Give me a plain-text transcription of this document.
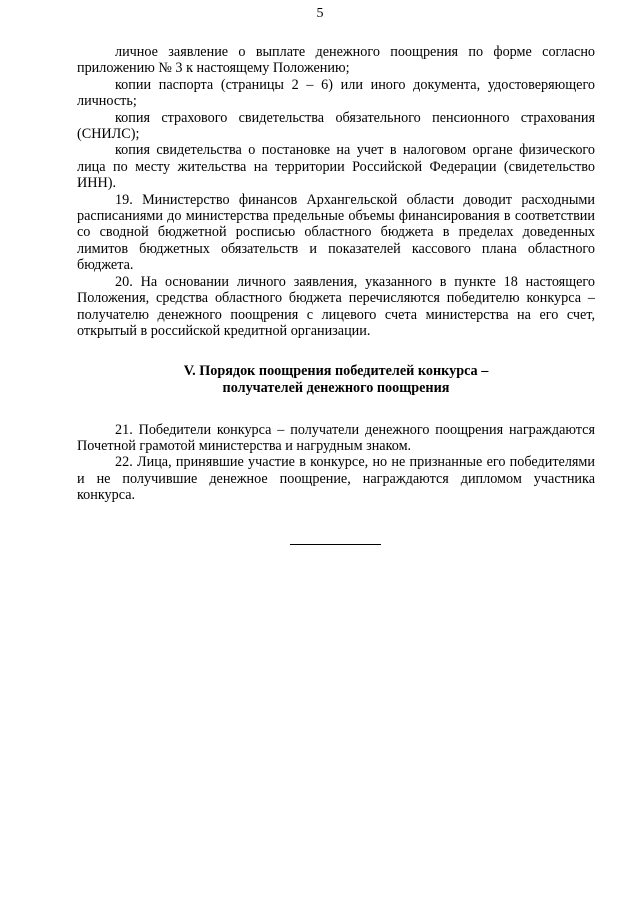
5

личное заявление о выплате денежного поощрения по форме согласно приложению № 3 к настоящему Положению;

копии паспорта (страницы 2 – 6) или иного документа, удостоверяющего личность;

копия страхового свидетельства обязательного пенсионного страхования (СНИЛС);

копия свидетельства о постановке на учет в налоговом органе физического лица по месту жительства на территории Российской Федерации (свидетельство ИНН).

19. Министерство финансов Архангельской области доводит расходными расписаниями до министерства предельные объемы финансирования в соответствии со сводной бюджетной росписью областного бюджета в пределах доведенных лимитов бюджетных обязательств и показателей кассового плана областного бюджета.

20. На основании личного заявления, указанного в пункте 18 настоящего Положения, средства областного бюджета перечисляются победителю конкурса – получателю денежного поощрения с лицевого счета министерства на его счет, открытый в российской кредитной организации.

V. Порядок поощрения победителей конкурса –
получателей денежного поощрения

21. Победители конкурса – получатели денежного поощрения награждаются Почетной грамотой министерства и нагрудным знаком.

22. Лица, принявшие участие в конкурсе, но не признанные его победителями и не получившие денежное поощрение, награждаются дипломом участника конкурса.
